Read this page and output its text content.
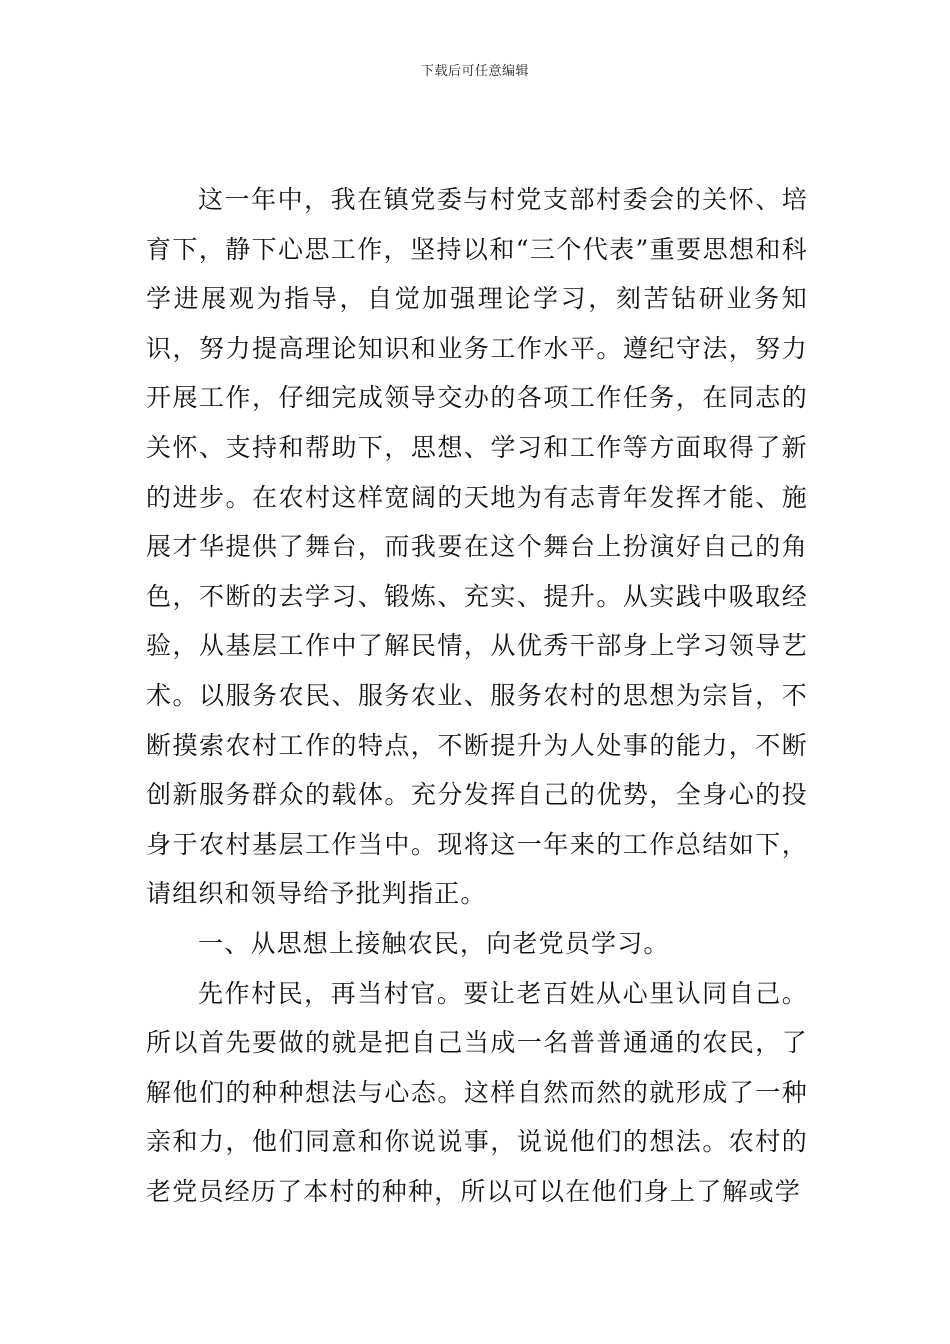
下载后可任意编辑

这一年中，我在镇党委与村党支部村委会的关怀、培育下，静下心思工作，坚持以和“三个代表”重要思想和科学进展观为指导，自觉加强理论学习，刻苦钻研业务知识，努力提高理论知识和业务工作水平。遵纪守法，努力开展工作，仔细完成领导交办的各项工作任务，在同志的关怀、支持和帮助下，思想、学习和工作等方面取得了新的进步。在农村这样宽阔的天地为有志青年发挥才能、施展才华提供了舞台，而我要在这个舞台上扮演好自己的角色，不断的去学习、锻炼、充实、提升。从实践中吸取经验，从基层工作中了解民情，从优秀干部身上学习领导艺术。以服务农民、服务农业、服务农村的思想为宗旨，不断摸索农村工作的特点，不断提升为人处事的能力，不断创新服务群众的载体。充分发挥自己的优势，全身心的投身于农村基层工作当中。现将这一年来的工作总结如下，请组织和领导给予批判指正。

一、从思想上接触农民，向老党员学习。

先作村民，再当村官。要让老百姓从心里认同自己。所以首先要做的就是把自己当成一名普普通通的农民，了解他们的种种想法与心态。这样自然而然的就形成了一种亲和力，他们同意和你说说事，说说他们的想法。农村的老党员经历了本村的种种，所以可以在他们身上了解或学
